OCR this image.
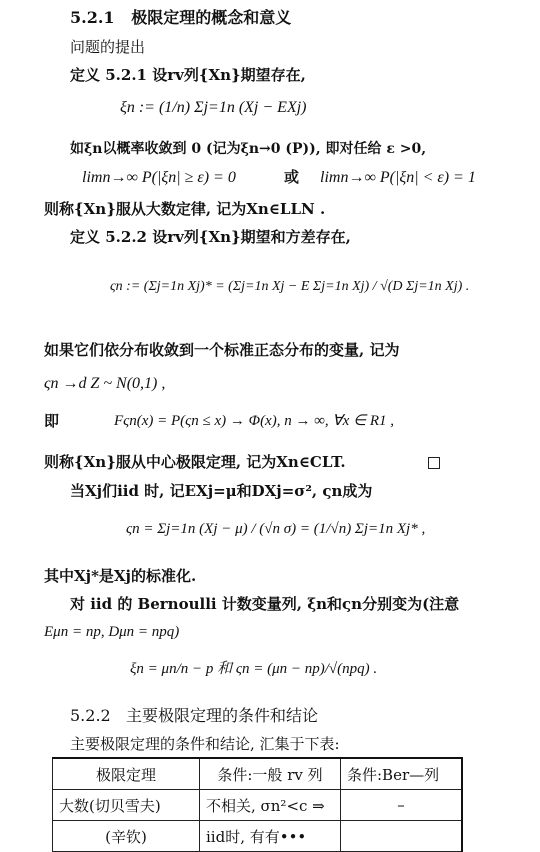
5.2.1 极限定理的概念和意义
问题的提出
定义 5.2.1 设rv列{Xn}期望存在,
ξn := (1/n) Σj=1n (Xj − EXj)
如ξn以概率收敛到 0 (记为ξn→0 (P)), 即对任给 ε >0,
limn→∞ P(|ξn| ≥ ε) = 0	或 limn→∞ P(|ξn| < ε) = 1
则称{Xn}服从大数定律, 记为Xn∈LLN .
定义 5.2.2 设rv列{Xn}期望和方差存在,
ςn := (Σj=1n Xj)* = (Σj=1n Xj − E Σj=1n Xj) / √(D Σj=1n Xj) .
如果它们依分布收敛到一个标准正态分布的变量, 记为
ςn →d Z ~ N(0,1) ,
即	Fςn(x) = P(ςn ≤ x) → Φ(x), n → ∞, ∀x ∈ R1 ,
则称{Xn}服从中心极限定理, 记为Xn∈CLT.
当Xj们iid 时, 记EXj=μ和DXj=σ², ςn成为
ςn = Σj=1n (Xj − μ) / (√n σ) = (1/√n) Σj=1n Xj* ,
其中Xj*是Xj的标准化.
对 iid 的 Bernoulli 计数变量列, ξn和ςn分别变为(注意
Eμn = np, Dμn = npq)
ξn = μn/n − p 和 ςn = (μn − np)/√(npq) .
5.2.2 主要极限定理的条件和结论
主要极限定理的条件和结论, 汇集于下表:
极限定理	条件:一般 rv 列	条件:Ber—列
大数(切贝雪夫)	不相关, σn²<c ⇒	–
(辛钦)	iid时, 有有•••	
